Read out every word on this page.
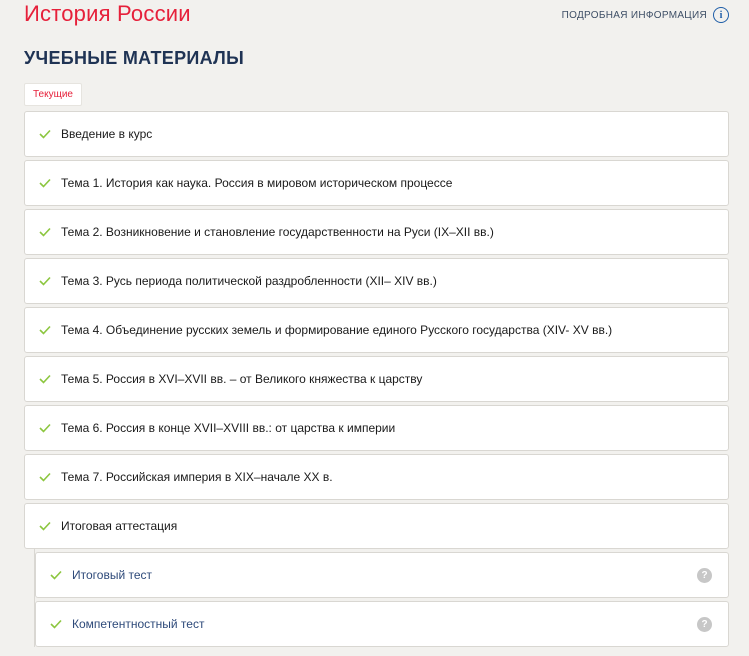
История России	ПОДРОБНАЯ ИНФОРМАЦИЯ	i
УЧЕБНЫЕ МАТЕРИАЛЫ
Текущие
Введение в курс
Тема 1. История как наука. Россия в мировом историческом процессе
Тема 2. Возникновение и становление государственности на Руси (IX–XII вв.)
Тема 3. Русь периода политической раздробленности (XII– XIV вв.)
Тема 4. Объединение русских земель и формирование единого Русского государства (XIV- XV вв.)
Тема 5. Россия в XVI–XVII вв. – от Великого княжества к царству
Тема 6. Россия в конце XVII–XVIII вв.: от царства к империи
Тема 7. Российская империя в XIX–начале XX в.
Итоговая аттестация
Итоговый тест	?
Компетентностный тест	?
